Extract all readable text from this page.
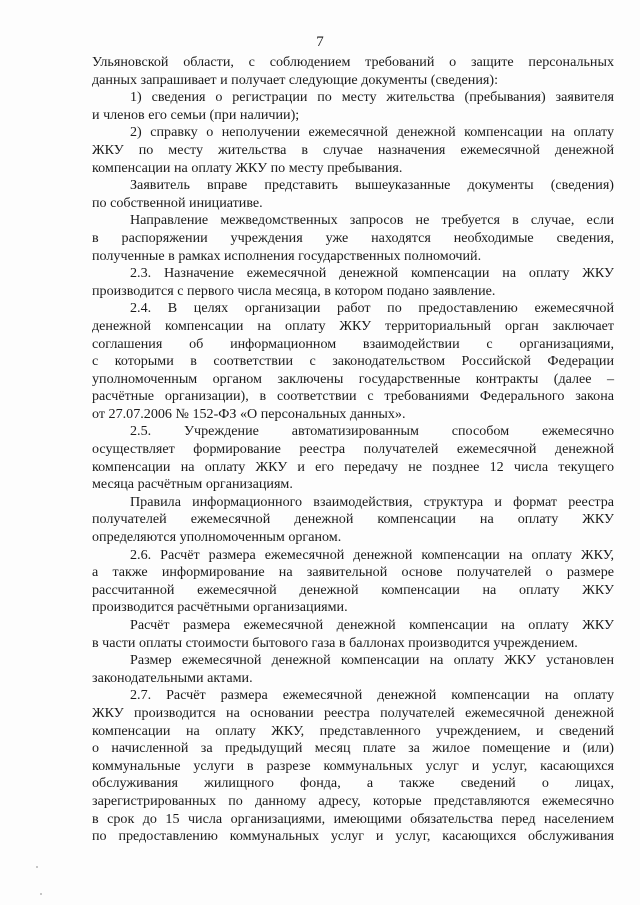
7
Ульяновской области, с соблюдением требований о защите персональных
данных запрашивает и получает следующие документы (сведения):
1) сведения о регистрации по месту жительства (пребывания) заявителя
и членов его семьи (при наличии);
2) справку о неполучении ежемесячной денежной компенсации на оплату
ЖКУ по месту жительства в случае назначения ежемесячной денежной
компенсации на оплату ЖКУ по месту пребывания.
Заявитель вправе представить вышеуказанные документы (сведения)
по собственной инициативе.
Направление межведомственных запросов не требуется в случае, если
в распоряжении учреждения уже находятся необходимые сведения,
полученные в рамках исполнения государственных полномочий.
2.3. Назначение ежемесячной денежной компенсации на оплату ЖКУ
производится с первого числа месяца, в котором подано заявление.
2.4. В целях организации работ по предоставлению ежемесячной
денежной компенсации на оплату ЖКУ территориальный орган заключает
соглашения об информационном взаимодействии с организациями,
с которыми в соответствии с законодательством Российской Федерации
уполномоченным органом заключены государственные контракты (далее –
расчётные организации), в соответствии с требованиями Федерального закона
от 27.07.2006 № 152-ФЗ «О персональных данных».
2.5. Учреждение автоматизированным способом ежемесячно
осуществляет формирование реестра получателей ежемесячной денежной
компенсации на оплату ЖКУ и его передачу не позднее 12 числа текущего
месяца расчётным организациям.
Правила информационного взаимодействия, структура и формат реестра
получателей ежемесячной денежной компенсации на оплату ЖКУ
определяются уполномоченным органом.
2.6. Расчёт размера ежемесячной денежной компенсации на оплату ЖКУ,
а также информирование на заявительной основе получателей о размере
рассчитанной ежемесячной денежной компенсации на оплату ЖКУ
производится расчётными организациями.
Расчёт размера ежемесячной денежной компенсации на оплату ЖКУ
в части оплаты стоимости бытового газа в баллонах производится учреждением.
Размер ежемесячной денежной компенсации на оплату ЖКУ установлен
законодательными актами.
2.7. Расчёт размера ежемесячной денежной компенсации на оплату
ЖКУ производится на основании реестра получателей ежемесячной денежной
компенсации на оплату ЖКУ, представленного учреждением, и сведений
о начисленной за предыдущий месяц плате за жилое помещение и (или)
коммунальные услуги в разрезе коммунальных услуг и услуг, касающихся
обслуживания жилищного фонда, а также сведений о лицах,
зарегистрированных по данному адресу, которые представляются ежемесячно
в срок до 15 числа организациями, имеющими обязательства перед населением
по предоставлению коммунальных услуг и услуг, касающихся обслуживания
